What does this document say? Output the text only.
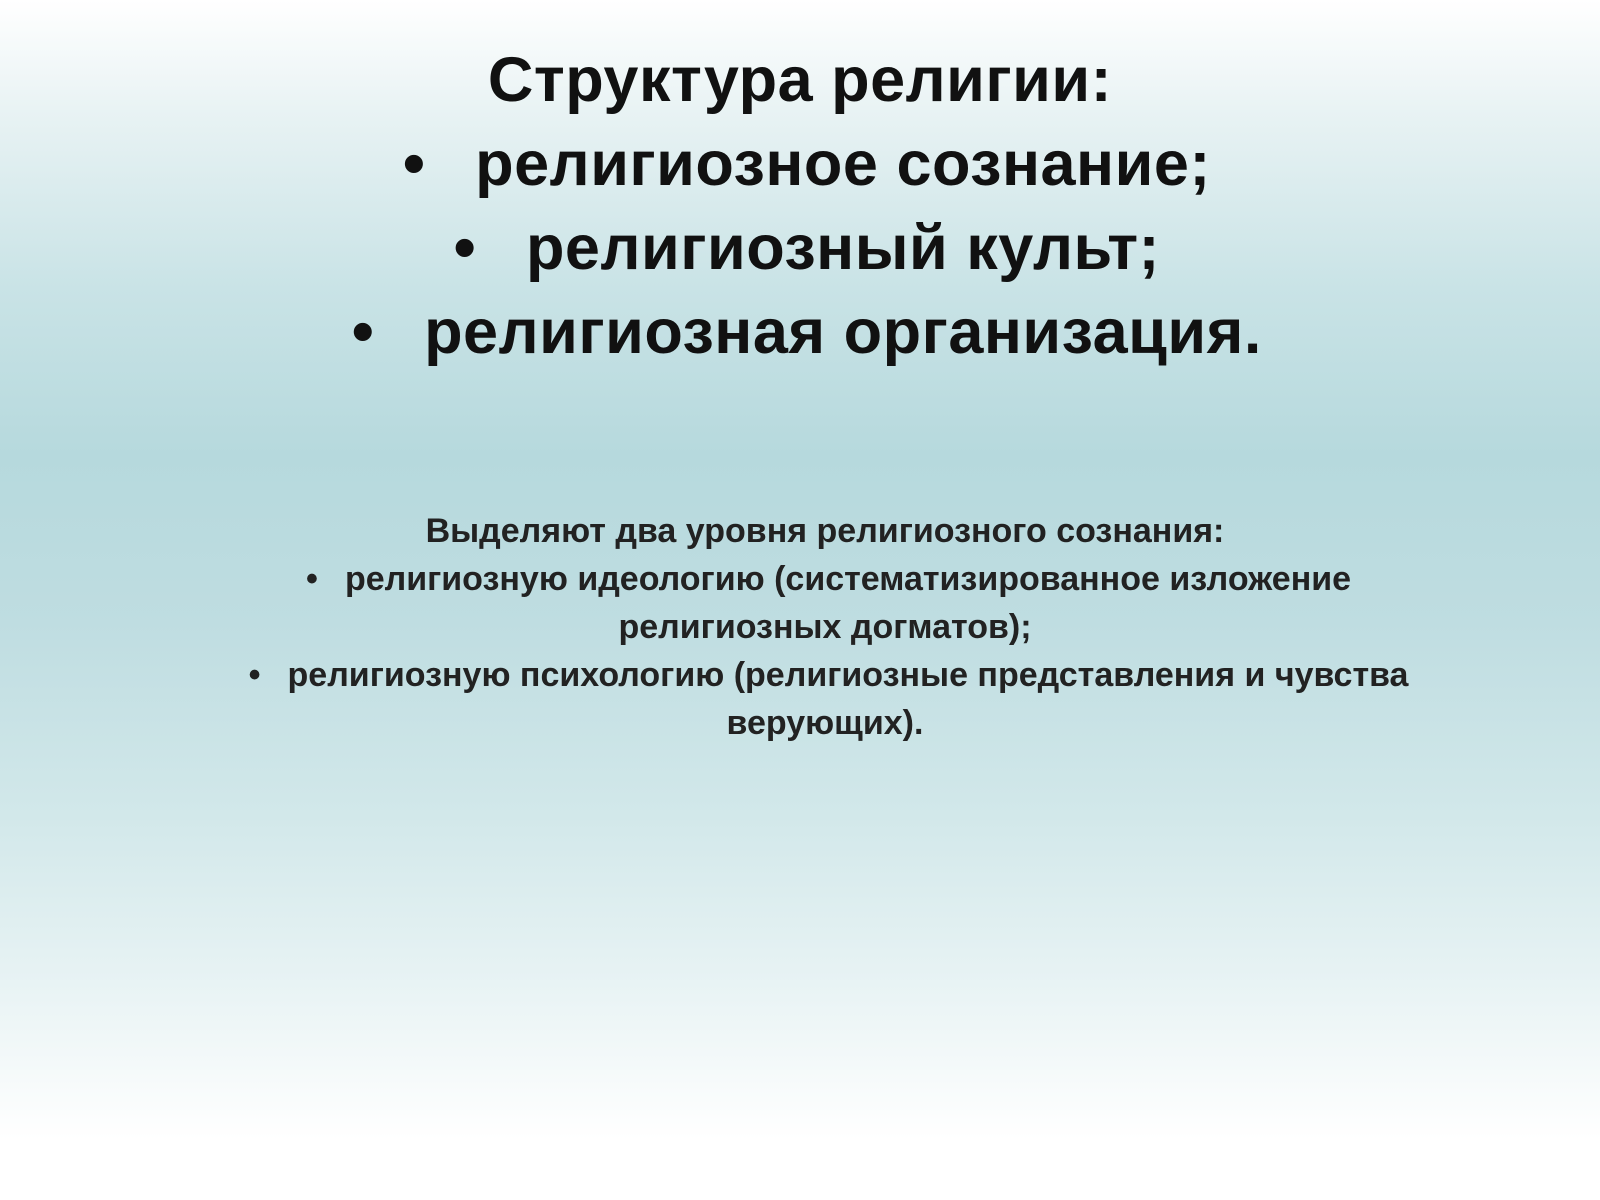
Структура религии:
• религиозное сознание;
• религиозный культ;
• религиозная организация.

Выделяют два уровня религиозного сознания:

• религиозную идеологию (систематизированное изложение религиозных догматов);
• религиозную психологию (религиозные представления и чувства верующих).
